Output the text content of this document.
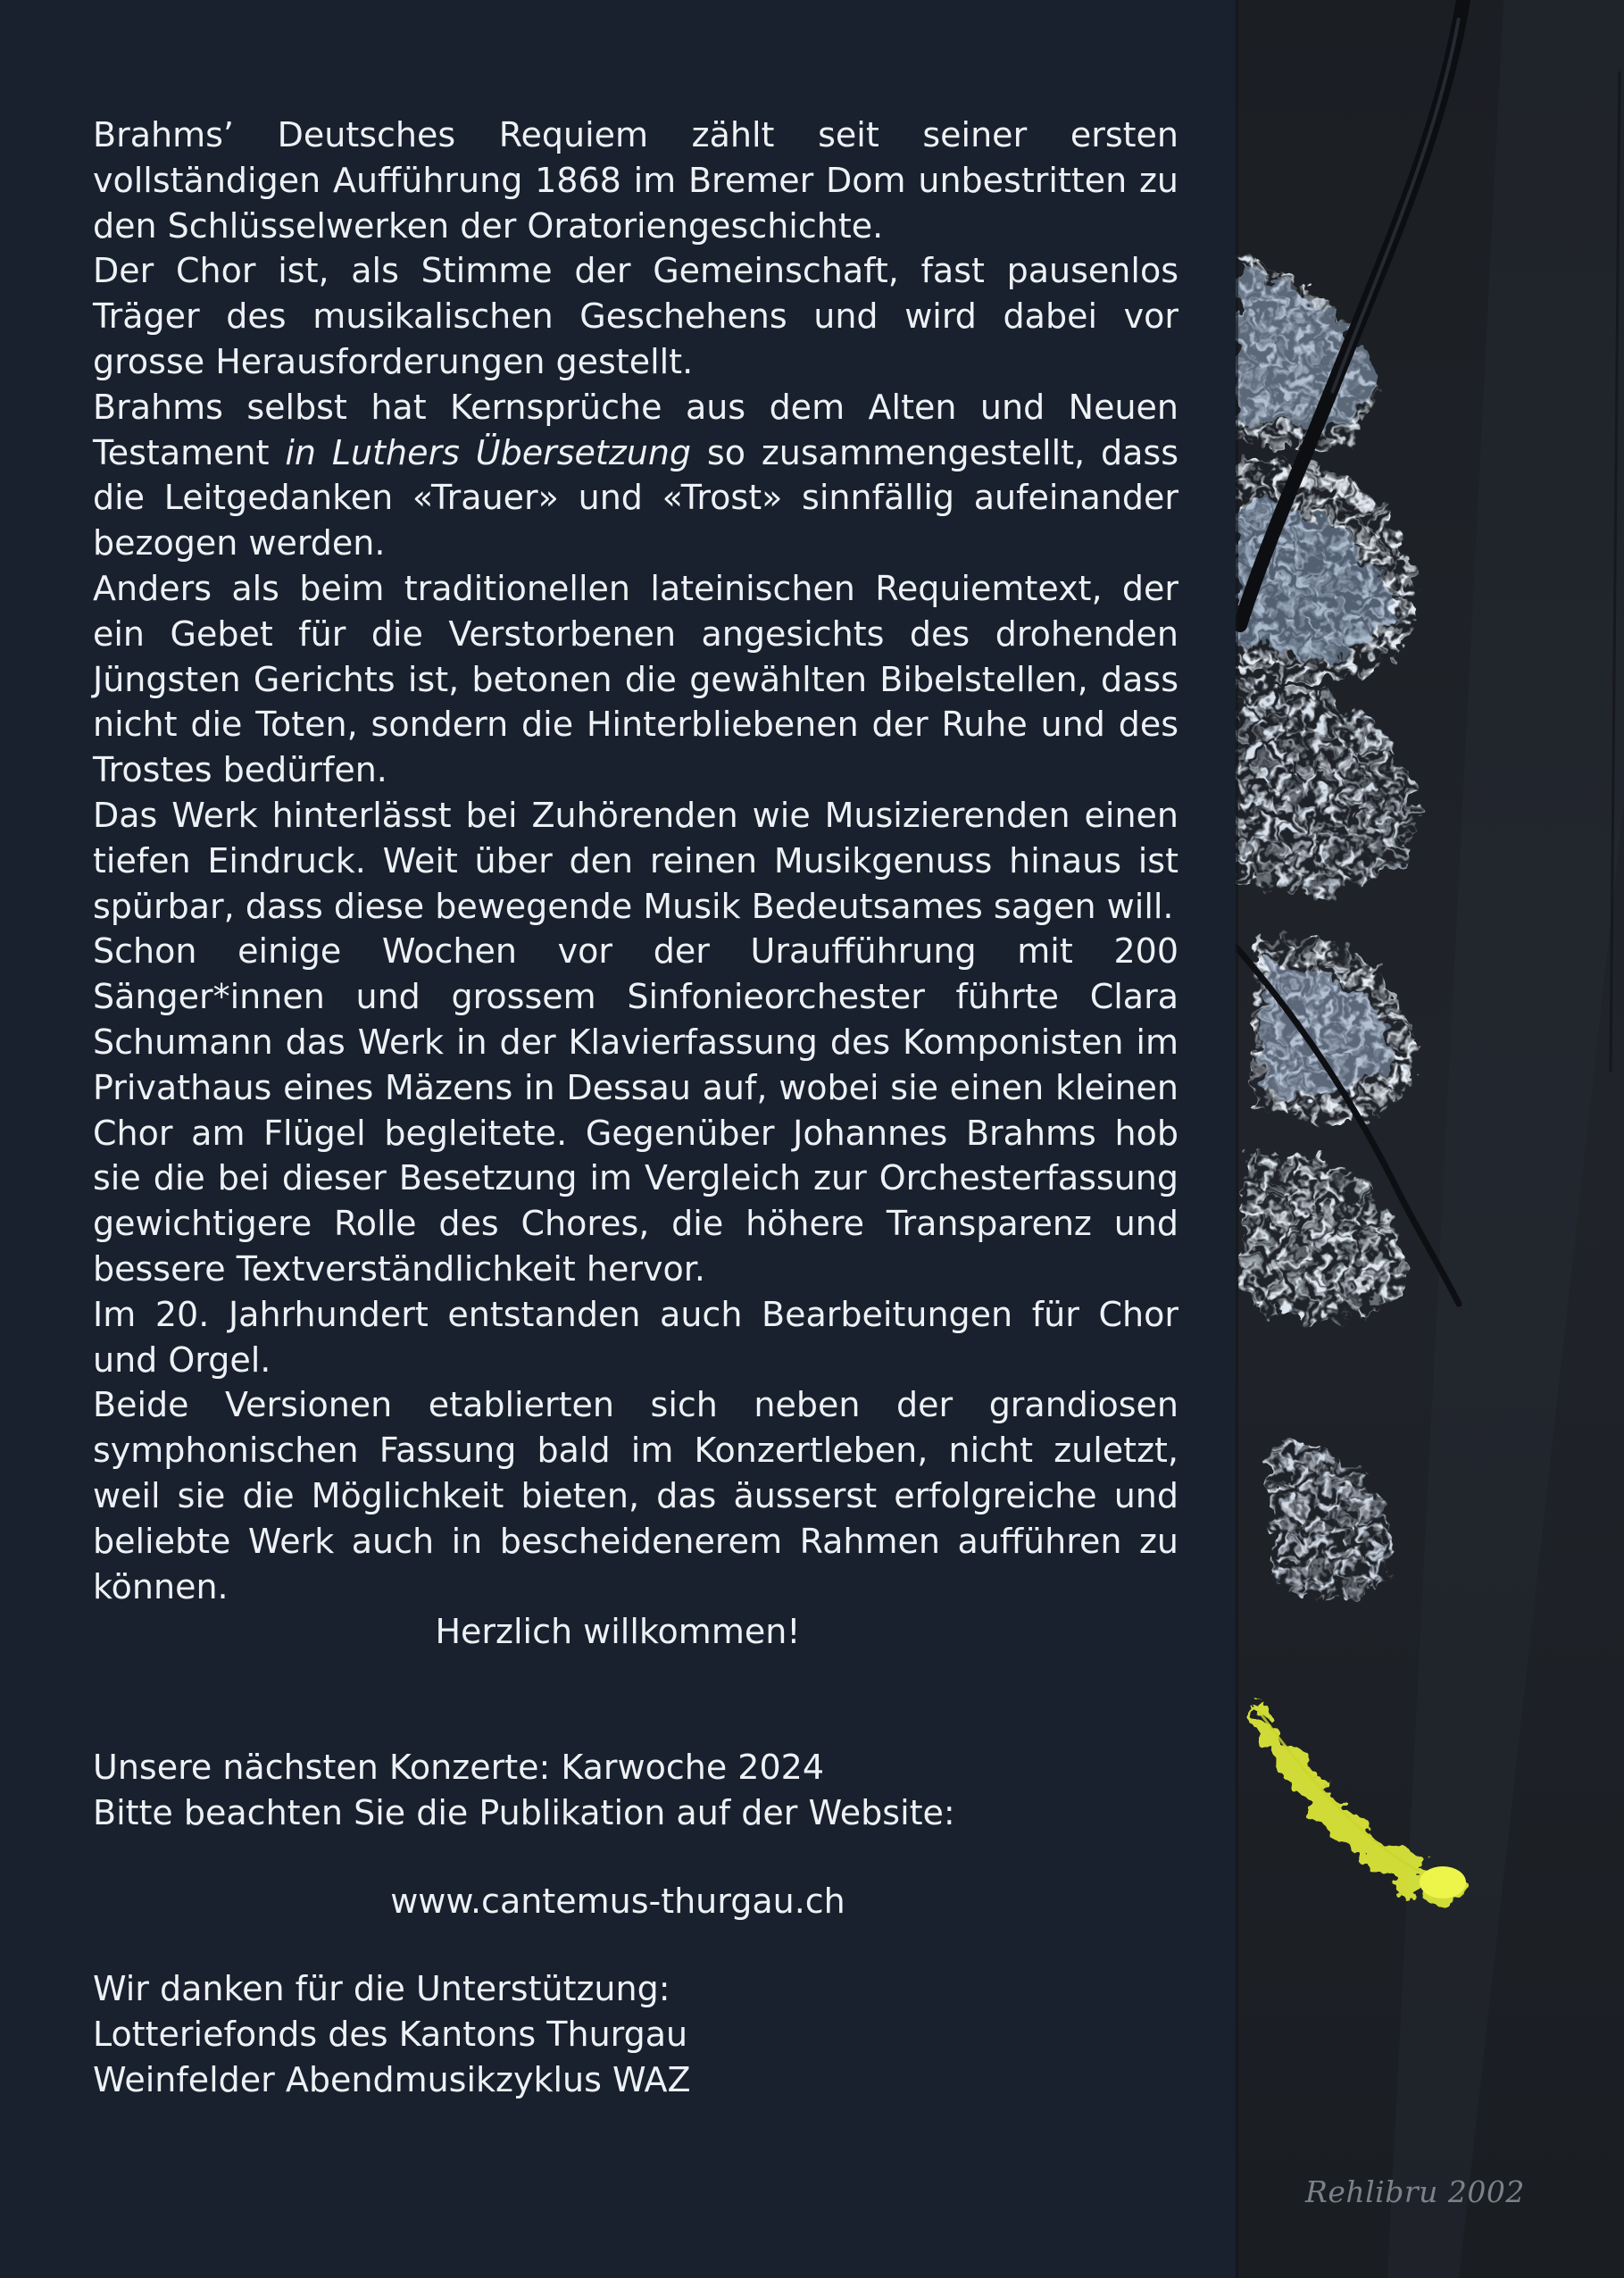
Brahms’ Deutsches Requiem zählt seit seiner ersten vollständigen Aufführung 1868 im Bremer Dom unbestritten zu den Schlüsselwerken der Oratoriengeschichte.

Der Chor ist, als Stimme der Gemeinschaft, fast pausenlos Träger des musikalischen Geschehens und wird dabei vor grosse Herausforderungen gestellt.

Brahms selbst hat Kernsprüche aus dem Alten und Neuen Testament in Luthers Übersetzung so zusammengestellt, dass die Leitgedanken «Trauer» und «Trost» sinnfällig aufeinander bezogen werden.

Anders als beim traditionellen lateinischen Requiemtext, der ein Gebet für die Verstorbenen angesichts des drohenden Jüngsten Gerichts ist, betonen die gewählten Bibelstellen, dass nicht die Toten, sondern die Hinterbliebenen der Ruhe und des Trostes bedürfen.

Das Werk hinterlässt bei Zuhörenden wie Musizierenden einen tiefen Eindruck. Weit über den reinen Musikgenuss hinaus ist spürbar, dass diese bewegende Musik Bedeutsames sagen will.

Schon einige Wochen vor der Uraufführung mit 200 Sänger*innen und grossem Sinfonieorchester führte Clara Schumann das Werk in der Klavierfassung des Komponisten im Privathaus eines Mäzens in Dessau auf, wobei sie einen kleinen Chor am Flügel begleitete. Gegenüber Johannes Brahms hob sie die bei dieser Besetzung im Vergleich zur Orchesterfassung gewichtigere Rolle des Chores, die höhere Transparenz und bessere Textverständlichkeit hervor.

Im 20. Jahrhundert entstanden auch Bearbeitungen für Chor und Orgel.

Beide Versionen etablierten sich neben der grandiosen symphonischen Fassung bald im Konzertleben, nicht zuletzt, weil sie die Möglichkeit bieten, das äusserst erfolgreiche und beliebte Werk auch in bescheidenerem Rahmen aufführen zu können.

Herzlich willkommen!

Unsere nächsten Konzerte: Karwoche 2024

Bitte beachten Sie die Publikation auf der Website:

www.cantemus-thurgau.ch

Wir danken für die Unterstützung:

Lotteriefonds des Kantons Thurgau

Weinfelder Abendmusikzyklus WAZ

Rehlibru 2002
